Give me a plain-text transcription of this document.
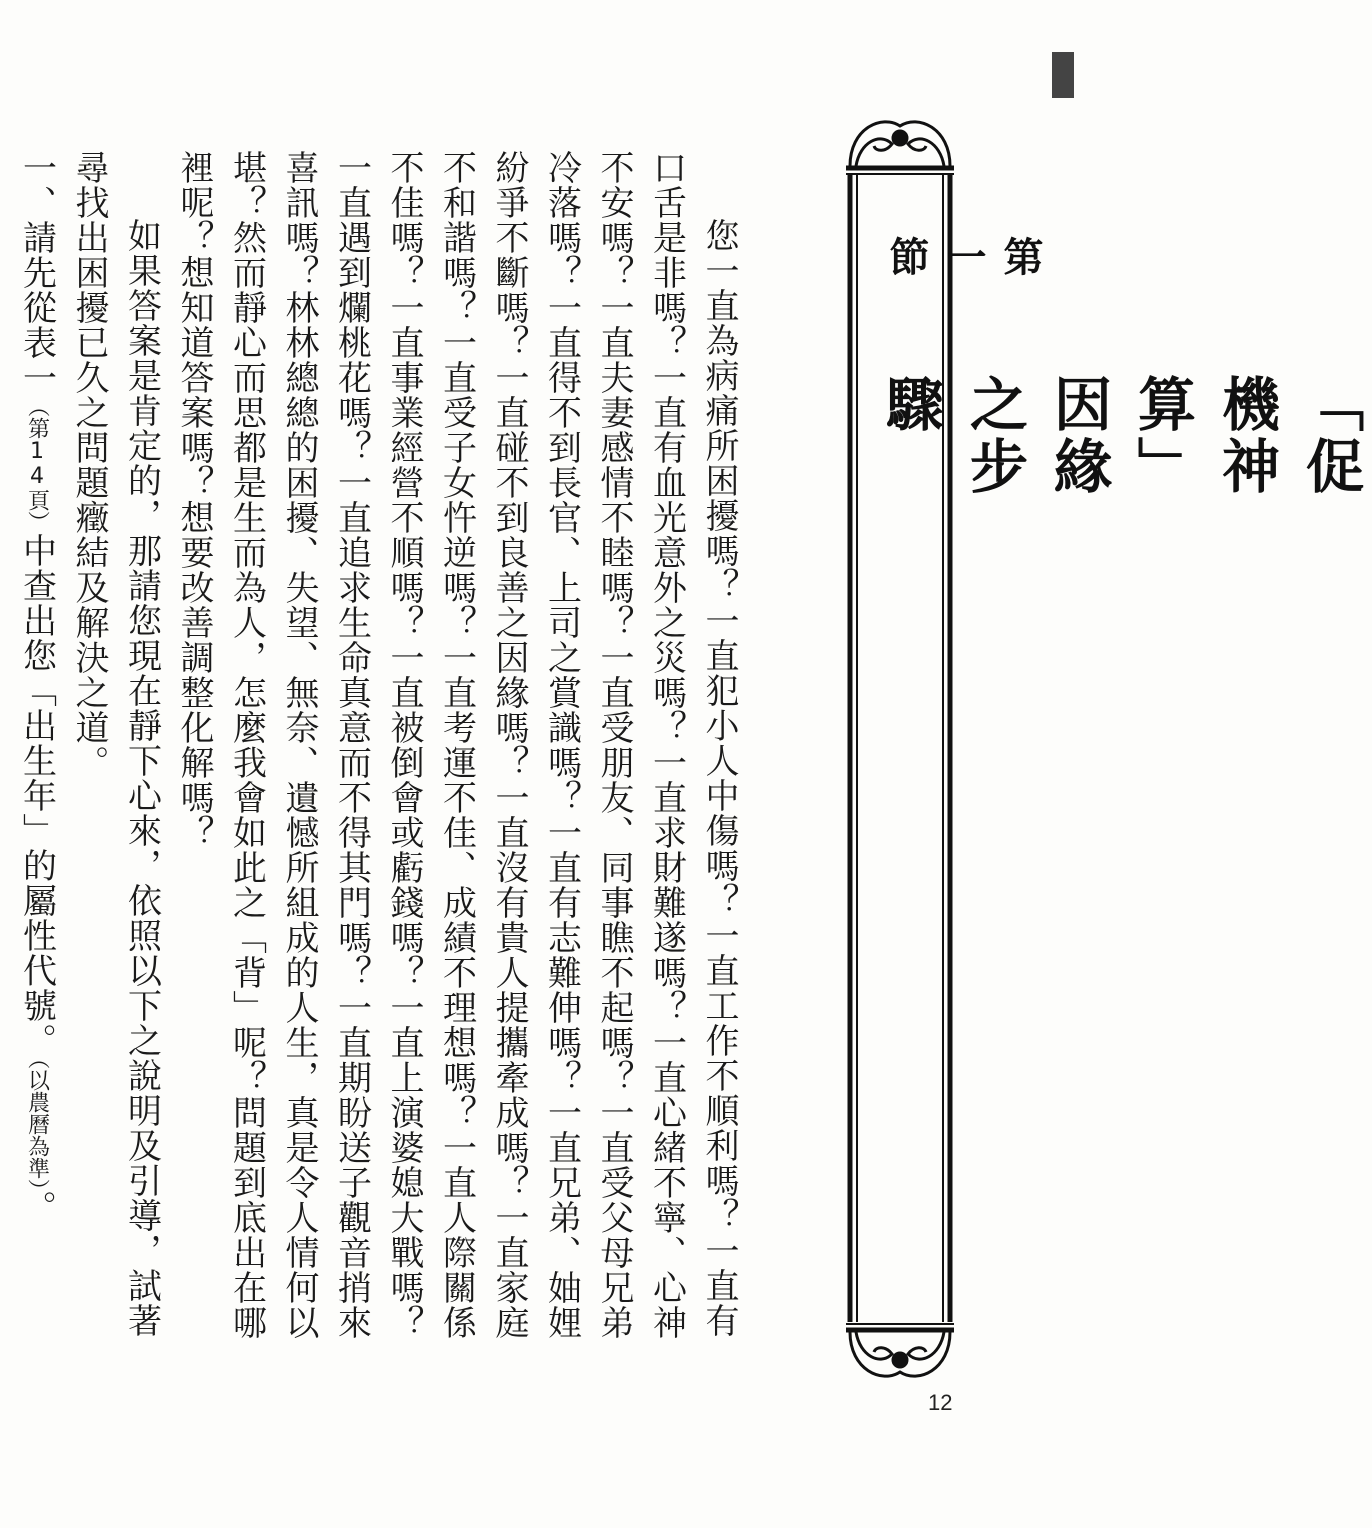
第一節
「促機神算」因緣之步驟

您一直為病痛所困擾嗎？一直犯小人中傷嗎？一直工作不順利嗎？一直有口舌是非嗎？一直有血光意外之災嗎？一直求財難遂嗎？一直心緒不寧、心神不安嗎？一直夫妻感情不睦嗎？一直受朋友、同事瞧不起嗎？一直受父母兄弟冷落嗎？一直得不到長官、上司之賞識嗎？一直有志難伸嗎？一直兄弟、妯娌紛爭不斷嗎？一直碰不到良善之因緣嗎？一直沒有貴人提攜牽成嗎？一直家庭不和諧嗎？一直受子女忤逆嗎？一直考運不佳、成績不理想嗎？一直人際關係不佳嗎？一直事業經營不順嗎？一直被倒會或虧錢嗎？一直上演婆媳大戰嗎？一直遇到爛桃花嗎？一直追求生命真意而不得其門嗎？一直期盼送子觀音捎來喜訊嗎？林林總總的困擾、失望、無奈、遺憾所組成的人生，真是令人情何以堪？然而靜心而思都是生而為人，怎麼我會如此之「背」呢？問題到底出在哪裡呢？想知道答案嗎？想要改善調整化解嗎？

如果答案是肯定的，那請您現在靜下心來，依照以下之說明及引導，試著尋找出困擾已久之問題癥結及解決之道。

一、請先從表一（第14頁）中查出您「出生年」的屬性代號。（以農曆為準）。

12
